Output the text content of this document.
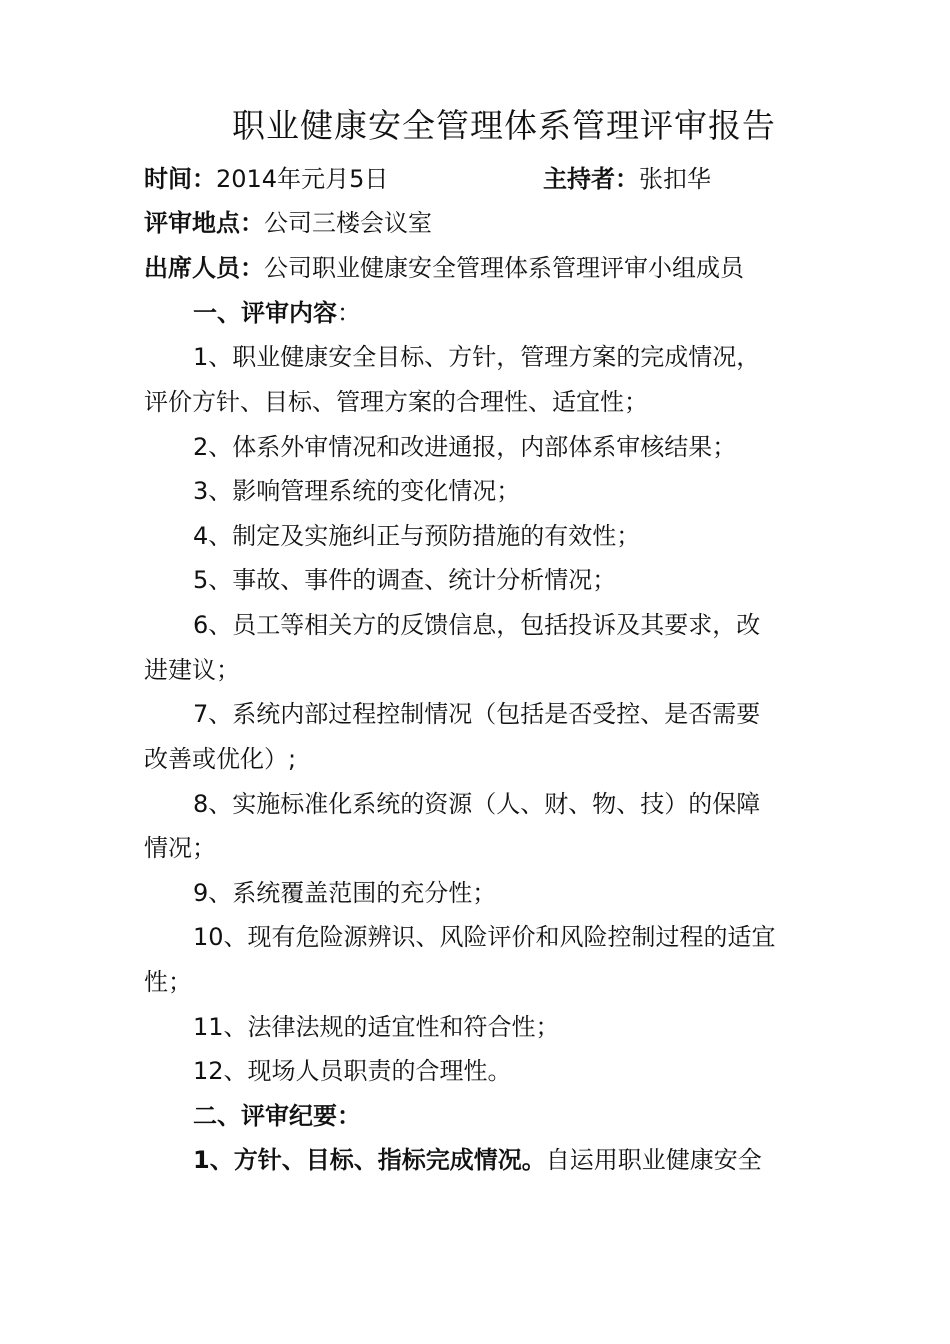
职业健康安全管理体系管理评审报告
时间：2014年元月5日	主持者：张扣华
评审地点：公司三楼会议室
出席人员：公司职业健康安全管理体系管理评审小组成员
一、评审内容：
1、职业健康安全目标、方针，管理方案的完成情况，
评价方针、目标、管理方案的合理性、适宜性；
2、体系外审情况和改进通报，内部体系审核结果；
3、影响管理系统的变化情况；
4、制定及实施纠正与预防措施的有效性；
5、事故、事件的调查、统计分析情况；
6、员工等相关方的反馈信息，包括投诉及其要求，改
进建议；
7、系统内部过程控制情况（包括是否受控、是否需要
改善或优化）;
8、实施标准化系统的资源（人、财、物、技）的保障
情况；
9、系统覆盖范围的充分性；
10、现有危险源辨识、风险评价和风险控制过程的适宜
性；
11、法律法规的适宜性和符合性；
12、现场人员职责的合理性。
二、评审纪要：
1、方针、目标、指标完成情况。自运用职业健康安全
